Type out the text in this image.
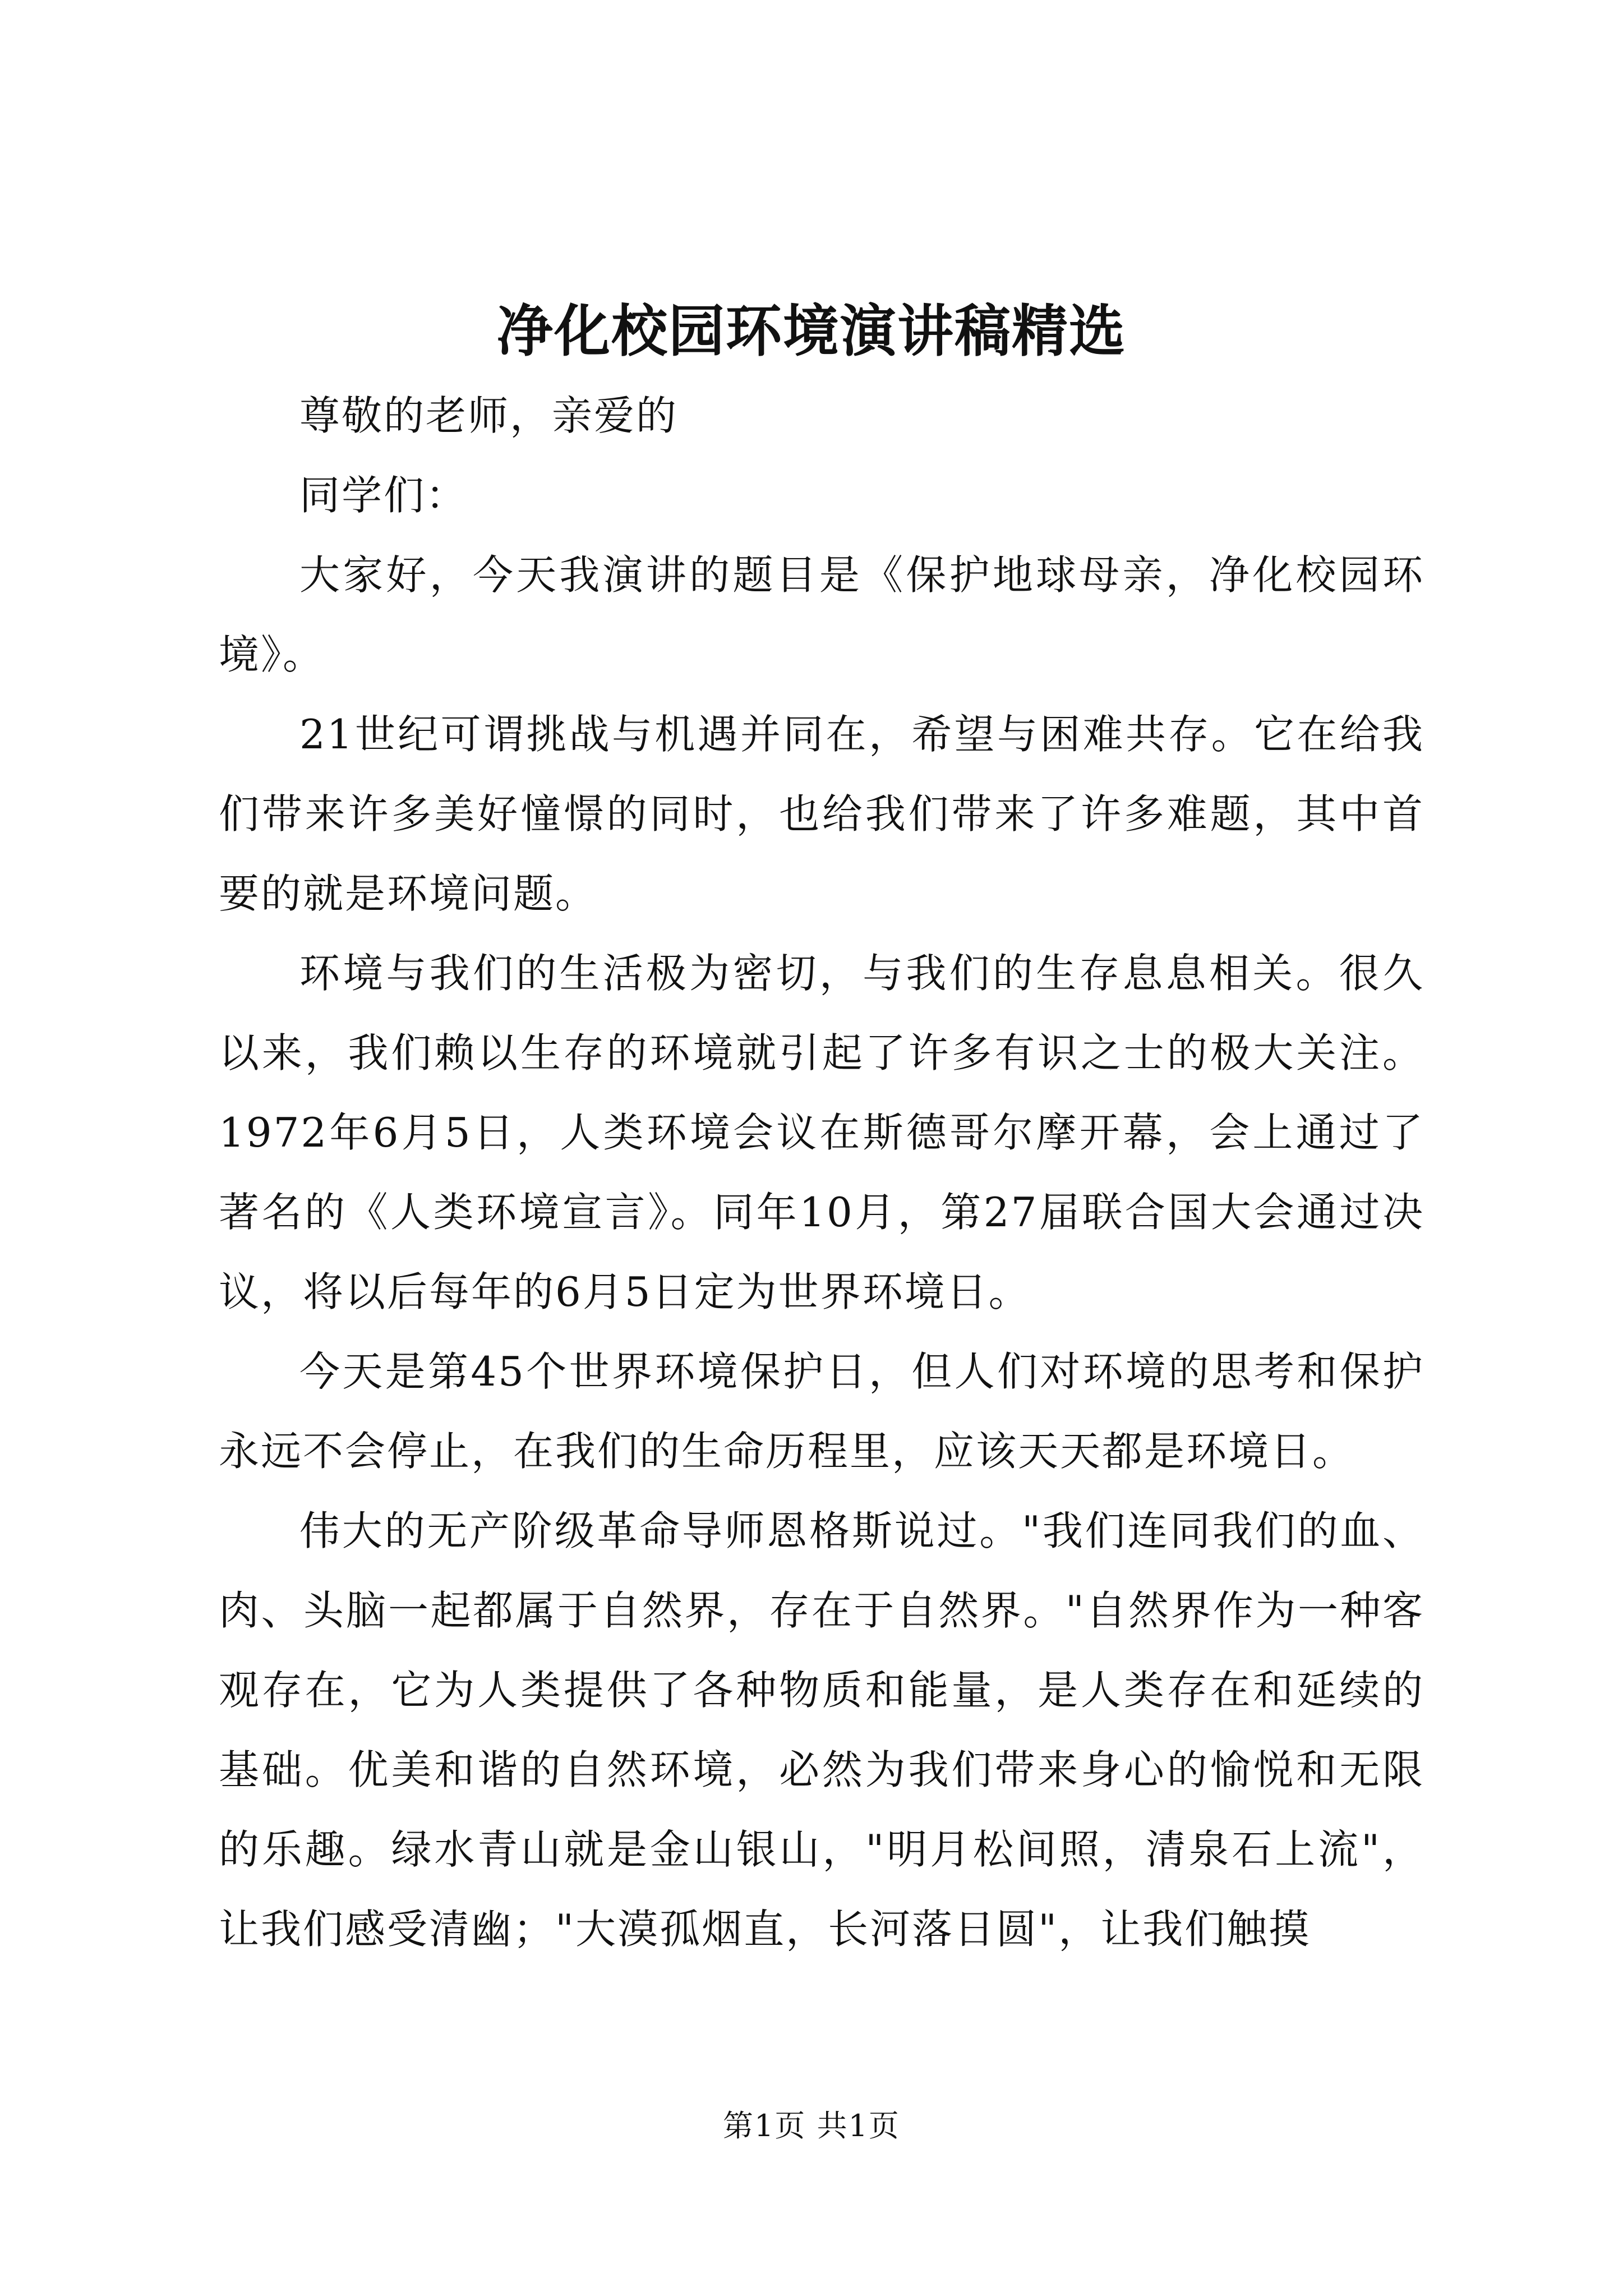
净化校园环境演讲稿精选

尊敬的老师，亲爱的

同学们：

大家好，今天我演讲的题目是《保护地球母亲，净化校园环境》。

21世纪可谓挑战与机遇并同在，希望与困难共存。它在给我们带来许多美好憧憬的同时，也给我们带来了许多难题，其中首要的就是环境问题。

环境与我们的生活极为密切，与我们的生存息息相关。很久以来，我们赖以生存的环境就引起了许多有识之士的极大关注。1972年6月5日，人类环境会议在斯德哥尔摩开幕，会上通过了著名的《人类环境宣言》。同年10月，第27届联合国大会通过决议，将以后每年的6月5日定为世界环境日。

今天是第45个世界环境保护日，但人们对环境的思考和保护永远不会停止，在我们的生命历程里，应该天天都是环境日。

伟大的无产阶级革命导师恩格斯说过。"我们连同我们的血、肉、头脑一起都属于自然界，存在于自然界。"自然界作为一种客观存在，它为人类提供了各种物质和能量，是人类存在和延续的基础。优美和谐的自然环境，必然为我们带来身心的愉悦和无限的乐趣。绿水青山就是金山银山，"明月松间照，清泉石上流"，让我们感受清幽；"大漠孤烟直，长河落日圆"，让我们触摸

第1页 共1页
